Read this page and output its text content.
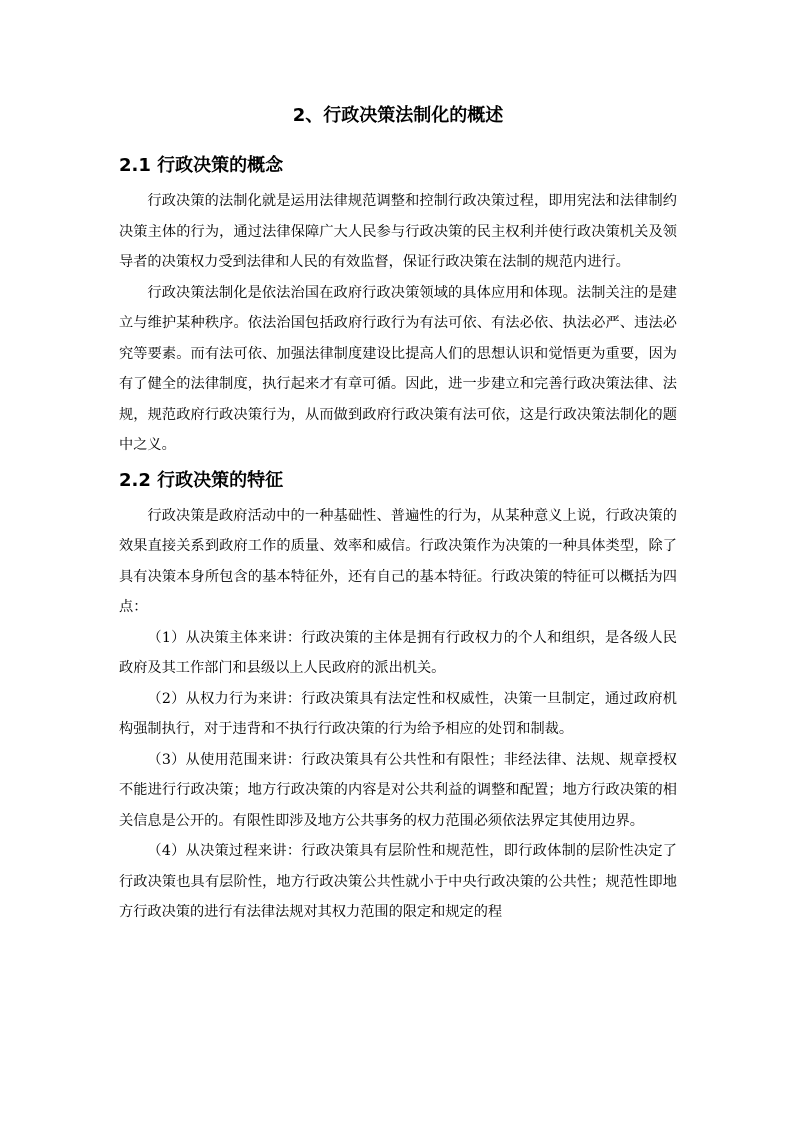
2、行政决策法制化的概述
2.1 行政决策的概念

行政决策的法制化就是运用法律规范调整和控制行政决策过程，即用宪法和法律制约决策主体的行为，通过法律保障广大人民参与行政决策的民主权利并使行政决策机关及领导者的决策权力受到法律和人民的有效监督，保证行政决策在法制的规范内进行。

行政决策法制化是依法治国在政府行政决策领域的具体应用和体现。法制关注的是建立与维护某种秩序。依法治国包括政府行政行为有法可依、有法必依、执法必严、违法必究等要素。而有法可依、加强法律制度建设比提高人们的思想认识和觉悟更为重要，因为有了健全的法律制度，执行起来才有章可循。因此，进一步建立和完善行政决策法律、法规，规范政府行政决策行为，从而做到政府行政决策有法可依，这是行政决策法制化的题中之义。

2.2 行政决策的特征

行政决策是政府活动中的一种基础性、普遍性的行为，从某种意义上说，行政决策的效果直接关系到政府工作的质量、效率和威信。行政决策作为决策的一种具体类型，除了具有决策本身所包含的基本特征外，还有自己的基本特征。行政决策的特征可以概括为四点：

（1）从决策主体来讲：行政决策的主体是拥有行政权力的个人和组织，是各级人民政府及其工作部门和县级以上人民政府的派出机关。

（2）从权力行为来讲：行政决策具有法定性和权威性，决策一旦制定，通过政府机构强制执行，对于违背和不执行行政决策的行为给予相应的处罚和制裁。

（3）从使用范围来讲：行政决策具有公共性和有限性；非经法律、法规、规章授权不能进行行政决策；地方行政决策的内容是对公共利益的调整和配置；地方行政决策的相关信息是公开的。有限性即涉及地方公共事务的权力范围必须依法界定其使用边界。

（4）从决策过程来讲：行政决策具有层阶性和规范性，即行政体制的层阶性决定了行政决策也具有层阶性，地方行政决策公共性就小于中央行政决策的公共性；规范性即地方行政决策的进行有法律法规对其权力范围的限定和规定的程
